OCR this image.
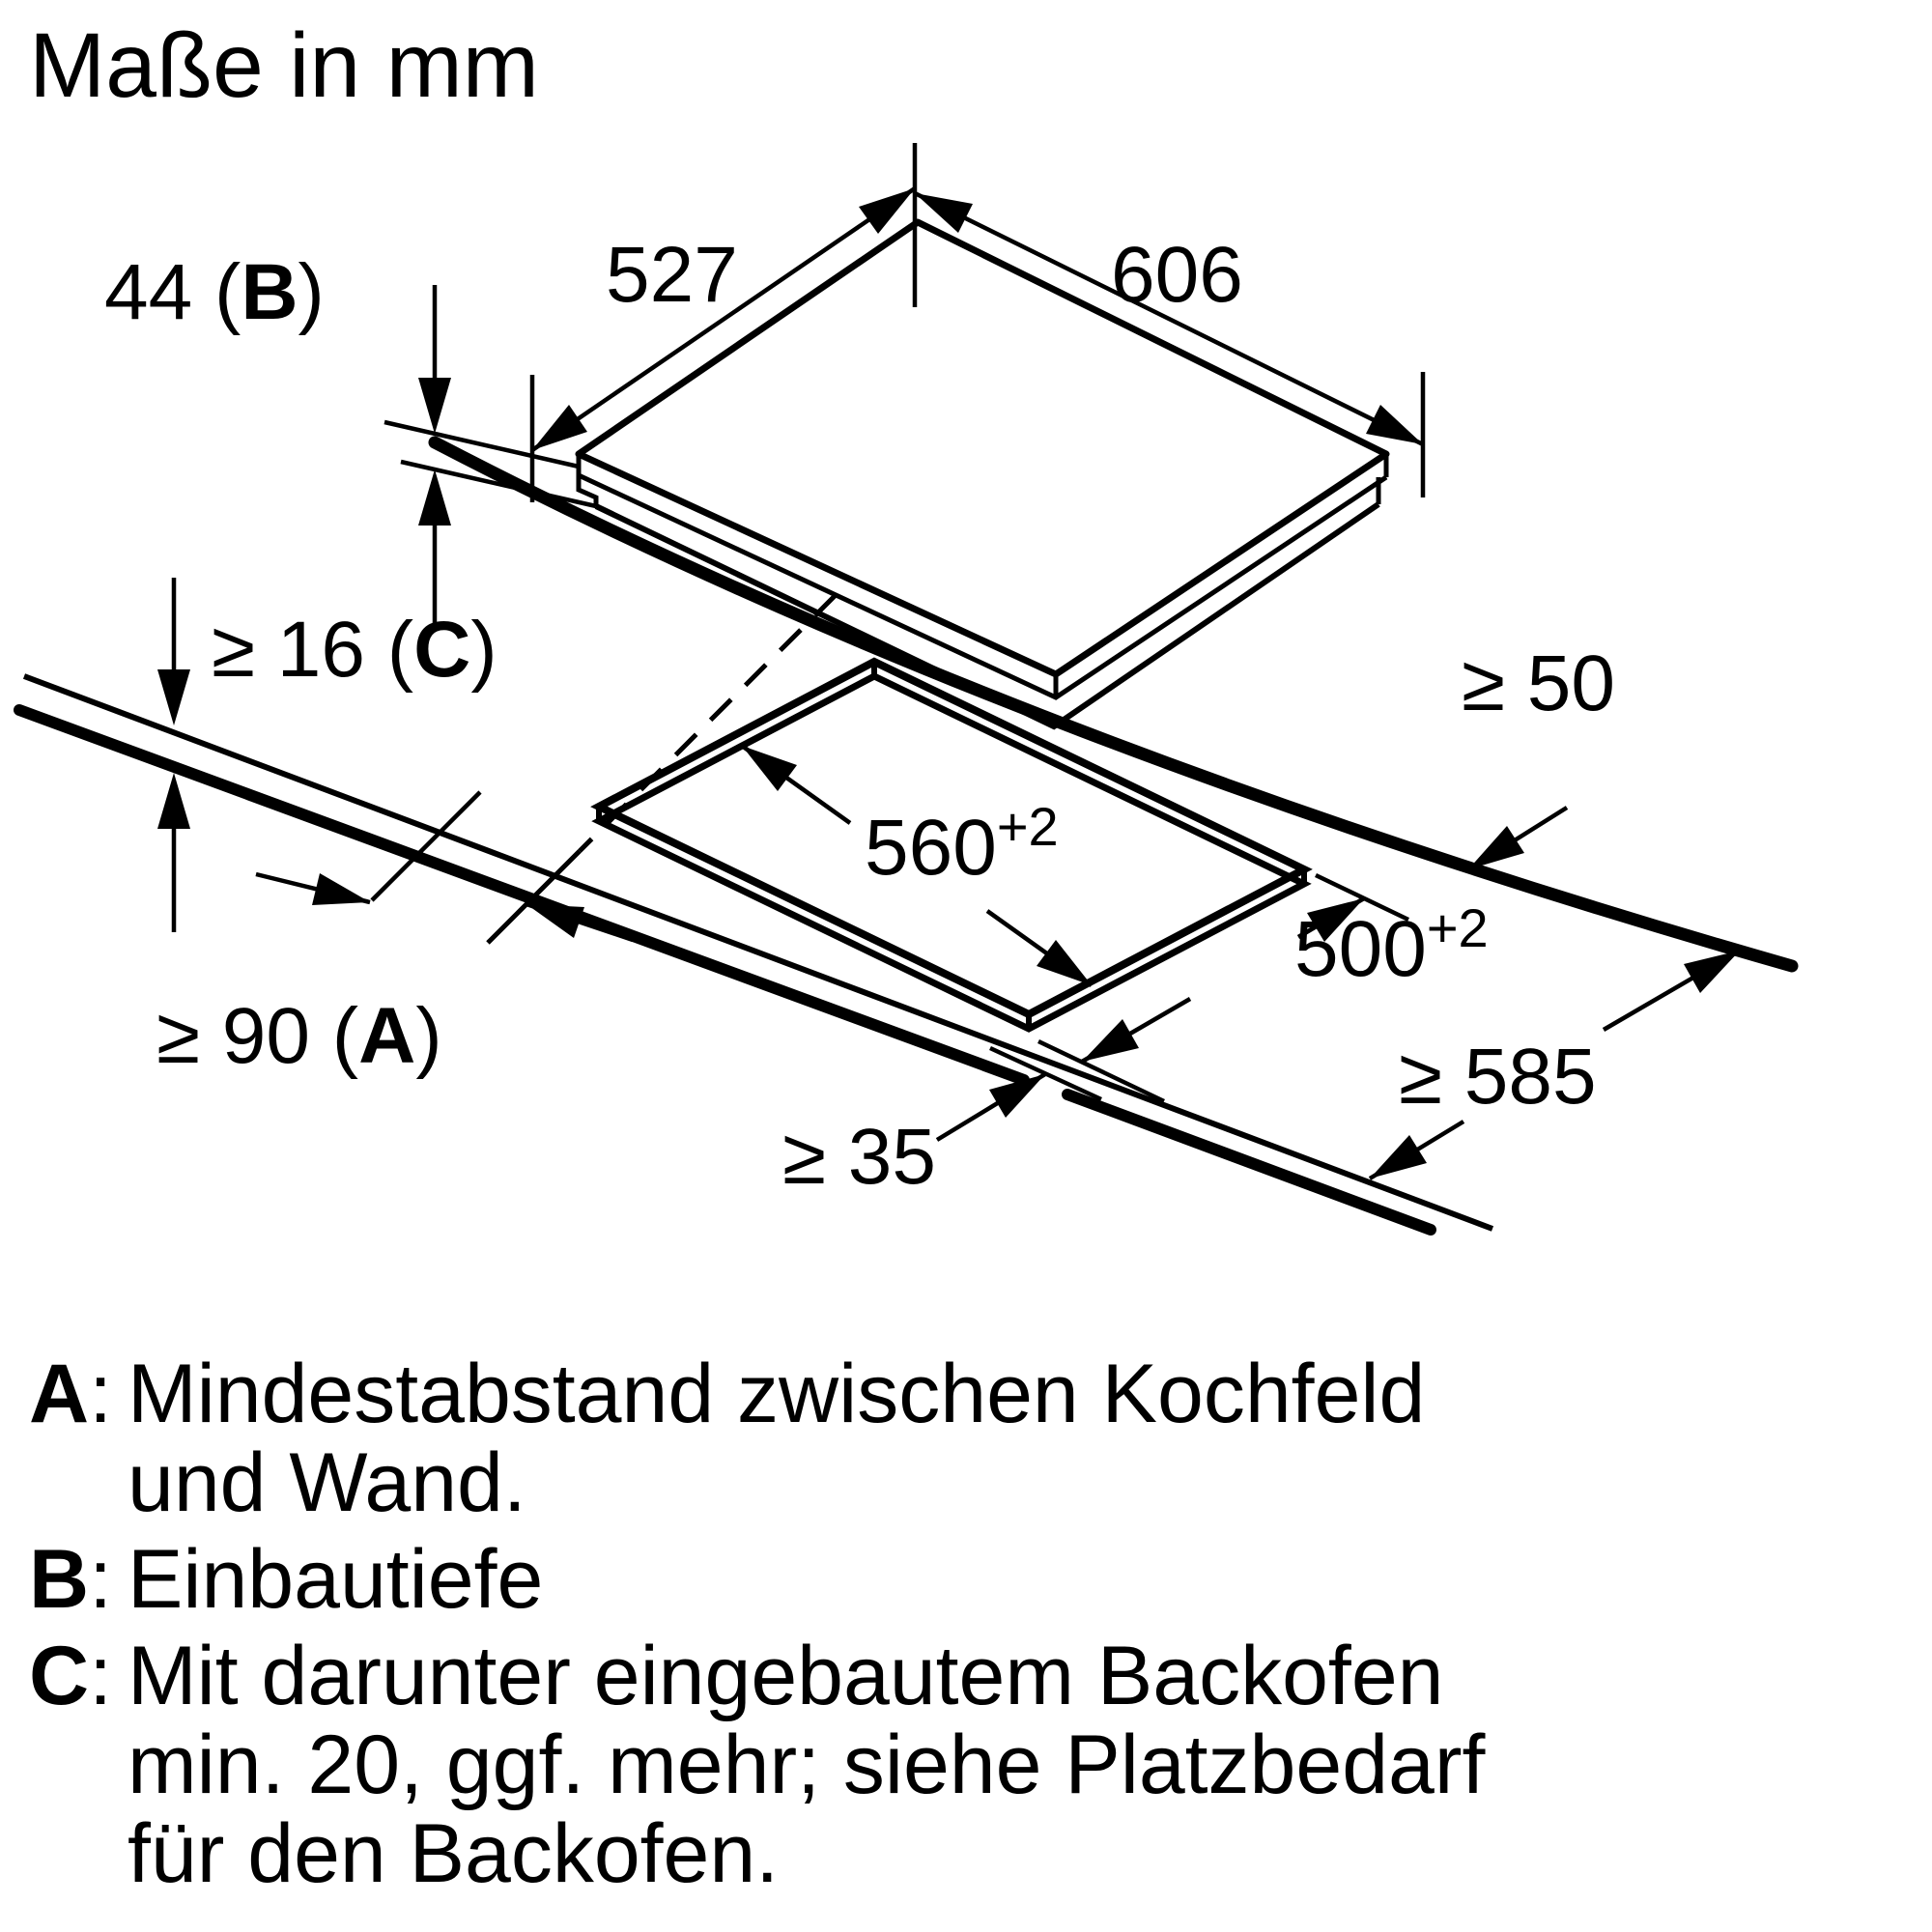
Maße in mm
527	606
44 (B)
≥ 16 (C)
≥ 90 (A)
$560^{+2}$
$500^{+2}$
≥ 50
≥ 35
≥ 585
A: Mindestabstand zwischen Kochfeld
und Wand.
B: Einbautiefe
C: Mit darunter eingebautem Backofen
min. 20, ggf. mehr; siehe Platzbedarf
für den Backofen.
